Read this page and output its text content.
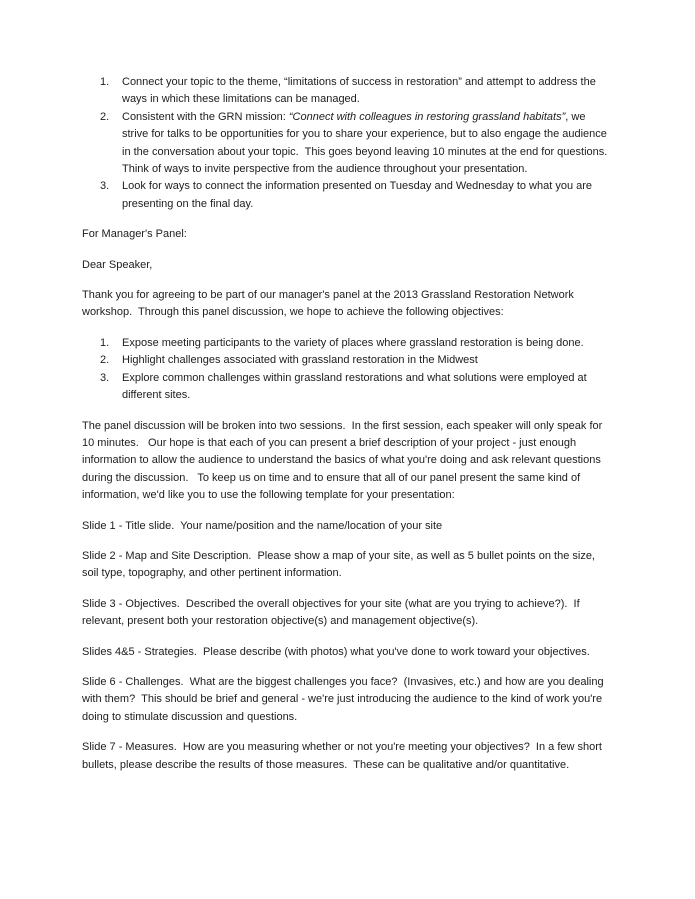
1. Connect your topic to the theme, “limitations of success in restoration” and attempt to address the ways in which these limitations can be managed.
2. Consistent with the GRN mission: “Connect with colleagues in restoring grassland habitats”, we strive for talks to be opportunities for you to share your experience, but to also engage the audience in the conversation about your topic.  This goes beyond leaving 10 minutes at the end for questions.  Think of ways to invite perspective from the audience throughout your presentation.
3. Look for ways to connect the information presented on Tuesday and Wednesday to what you are presenting on the final day.

For Manager's Panel:

Dear Speaker,

Thank you for agreeing to be part of our manager's panel at the 2013 Grassland Restoration Network workshop.  Through this panel discussion, we hope to achieve the following objectives:

1. Expose meeting participants to the variety of places where grassland restoration is being done.
2. Highlight challenges associated with grassland restoration in the Midwest
3. Explore common challenges within grassland restorations and what solutions were employed at different sites.

The panel discussion will be broken into two sessions.  In the first session, each speaker will only speak for 10 minutes.   Our hope is that each of you can present a brief description of your project - just enough information to allow the audience to understand the basics of what you're doing and ask relevant questions during the discussion.   To keep us on time and to ensure that all of our panel present the same kind of information, we'd like you to use the following template for your presentation:

Slide 1 - Title slide.  Your name/position and the name/location of your site

Slide 2 - Map and Site Description.  Please show a map of your site, as well as 5 bullet points on the size, soil type, topography, and other pertinent information.

Slide 3 - Objectives.  Described the overall objectives for your site (what are you trying to achieve?).  If relevant, present both your restoration objective(s) and management objective(s).

Slides 4&5 - Strategies.  Please describe (with photos) what you've done to work toward your objectives.

Slide 6 - Challenges.  What are the biggest challenges you face?  (Invasives, etc.) and how are you dealing with them?  This should be brief and general - we're just introducing the audience to the kind of work you're doing to stimulate discussion and questions.

Slide 7 - Measures.  How are you measuring whether or not you're meeting your objectives?  In a few short bullets, please describe the results of those measures.  These can be qualitative and/or quantitative.
